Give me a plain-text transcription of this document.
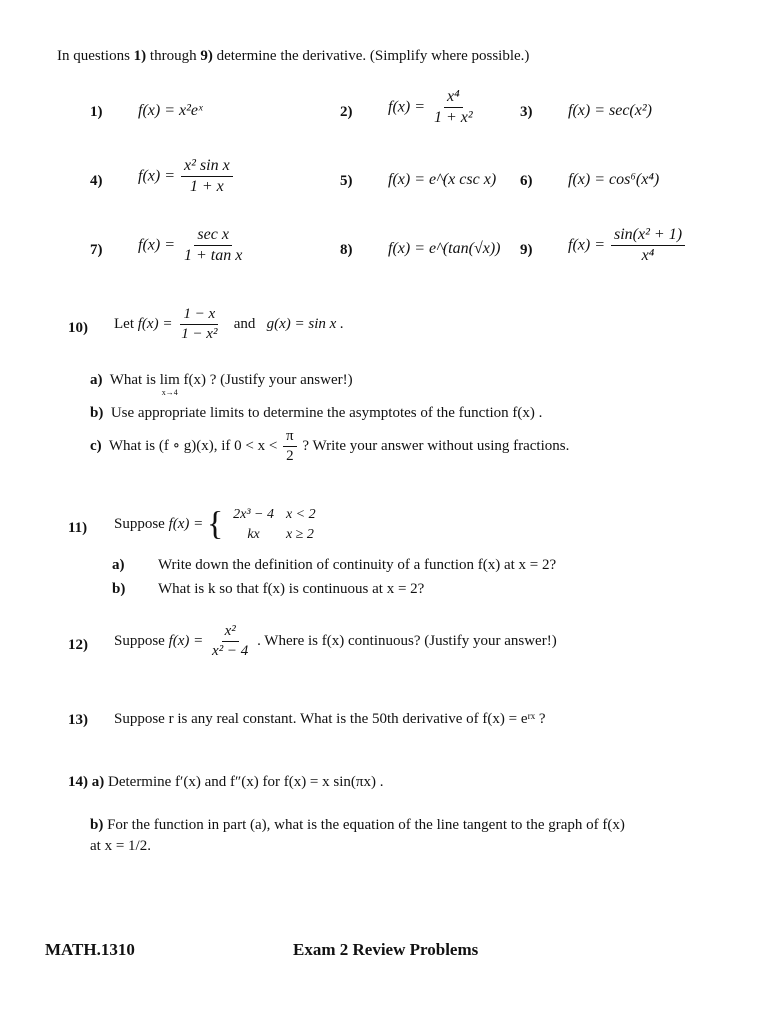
In questions 1) through 9) determine the derivative. (Simplify where possible.)
1) f(x) = x²eˣ	2) $f(x) = \frac{\text{x⁴}}{\text{1 + x²}}$	3) f(x) = sec(x²)
4) $f(x) = \frac{\text{x² sin x}}{1 + x}$	5) f(x) = e^(x csc x) 6) f(x) = cos⁶(x⁴)
7) $f(x) = \frac{\text{sec x}}{\text{1 + tan x}}$	8) f(x) = e^(tan(√x)) 9) $f(x) = \frac{\text{sin(x² + 1)}}{\text{x⁴}}$
10) Let $f(x) = \frac{1 - x}{\text{1 − x²}}$ and g(x) = sin x .
a) What is lim
x→4
f(x) ? (Justify your answer!)
b) Use appropriate limits to determine the asymptotes of the function f(x) .
c) What is (f ∘ g)(x), if $0 < x < \frac{\pi}{2}$ ? Write your answer without using fractions.
11) Suppose f(x) = { 2x³ − 4	x < 2
kx	x ≥ 2
a) Write down the definition of continuity of a function f(x) at x = 2?
b) What is k so that f(x) is continuous at x = 2?
12) Suppose $f(x) = \frac{\text{x²}}{\text{x² − 4}}$ . Where is f(x) continuous? (Justify your answer!)
13) Suppose r is any real constant. What is the 50th derivative of f(x) = eʳˣ ?
14) a) Determine f′(x) and f″(x) for f(x) = x sin(πx) .
b) For the function in part (a), what is the equation of the line tangent to the graph of f(x)
at x = 1/2.
MATH.1310	Exam 2 Review Problems
